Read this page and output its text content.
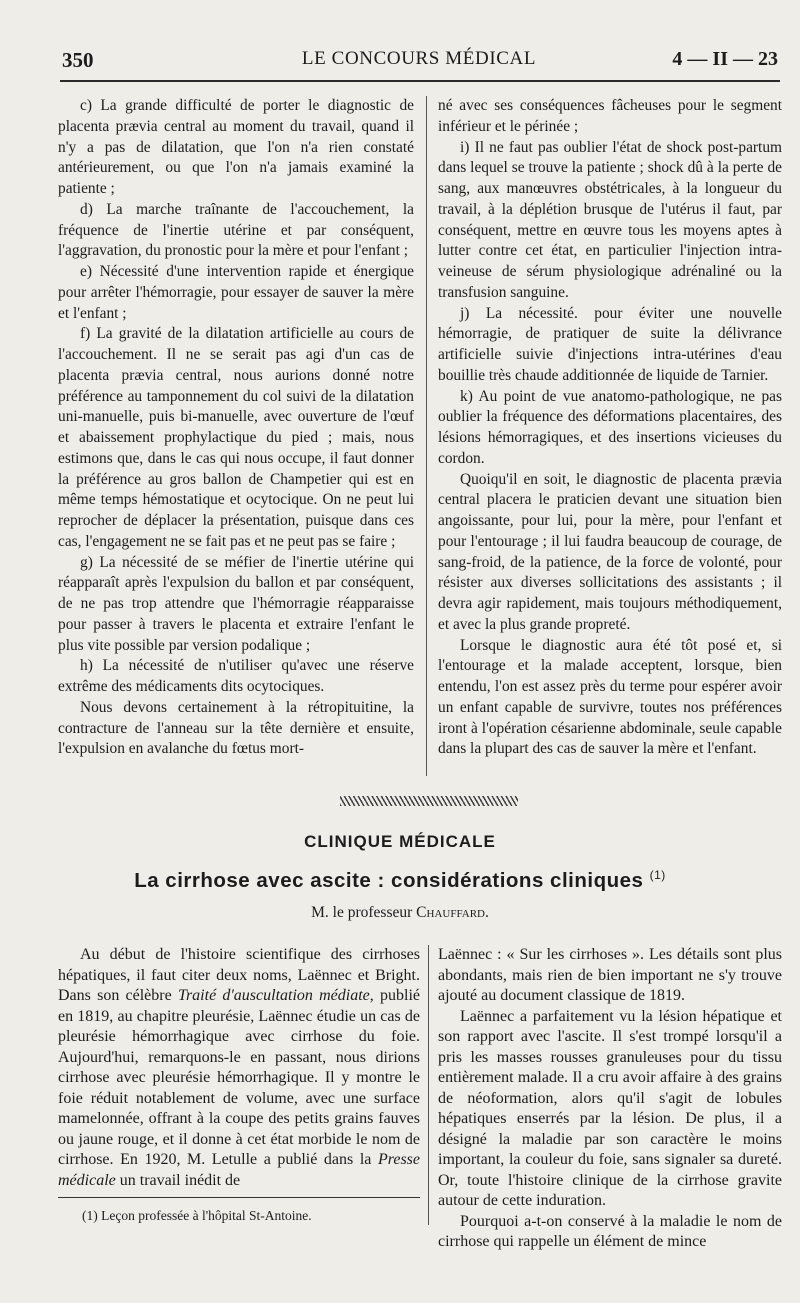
350	LE CONCOURS MÉDICAL	4 — II — 23

c) La grande difficulté de porter le diagnostic de placenta prævia central au moment du travail, quand il n'y a pas de dilatation, que l'on n'a rien constaté antérieurement, ou que l'on n'a jamais examiné la patiente ;

d) La marche traînante de l'accouchement, la fréquence de l'inertie utérine et par conséquent, l'aggravation, du pronostic pour la mère et pour l'enfant ;

e) Nécessité d'une intervention rapide et énergique pour arrêter l'hémorragie, pour essayer de sauver la mère et l'enfant ;

f) La gravité de la dilatation artificielle au cours de l'accouchement. Il ne se serait pas agi d'un cas de placenta prævia central, nous aurions donné notre préférence au tamponnement du col suivi de la dilatation uni-manuelle, puis bi-manuelle, avec ouverture de l'œuf et abaissement prophylactique du pied ; mais, nous estimons que, dans le cas qui nous occupe, il faut donner la préférence au gros ballon de Champetier qui est en même temps hémostatique et ocytocique. On ne peut lui reprocher de déplacer la présentation, puisque dans ces cas, l'engagement ne se fait pas et ne peut pas se faire ;

g) La nécessité de se méfier de l'inertie utérine qui réapparaît après l'expulsion du ballon et par conséquent, de ne pas trop attendre que l'hémorragie réapparaisse pour passer à travers le placenta et extraire l'enfant le plus vite possible par version podalique ;

h) La nécessité de n'utiliser qu'avec une réserve extrême des médicaments dits ocytociques.

Nous devons certainement à la rétropituitine, la contracture de l'anneau sur la tête dernière et ensuite, l'expulsion en avalanche du fœtus mort-

né avec ses conséquences fâcheuses pour le segment inférieur et le périnée ;

i) Il ne faut pas oublier l'état de shock post-partum dans lequel se trouve la patiente ; shock dû à la perte de sang, aux manœuvres obstétricales, à la longueur du travail, à la déplétion brusque de l'utérus il faut, par conséquent, mettre en œuvre tous les moyens aptes à lutter contre cet état, en particulier l'injection intra-veineuse de sérum physiologique adrénaliné ou la transfusion sanguine.

j) La nécessité. pour éviter une nouvelle hémorragie, de pratiquer de suite la délivrance artificielle suivie d'injections intra-utérines d'eau bouillie très chaude additionnée de liquide de Tarnier.

k) Au point de vue anatomo-pathologique, ne pas oublier la fréquence des déformations placentaires, des lésions hémorragiques, et des insertions vicieuses du cordon.

Quoiqu'il en soit, le diagnostic de placenta prævia central placera le praticien devant une situation bien angoissante, pour lui, pour la mère, pour l'enfant et pour l'entourage ; il lui faudra beaucoup de courage, de sang-froid, de la patience, de la force de volonté, pour résister aux diverses sollicitations des assistants ; il devra agir rapidement, mais toujours méthodiquement, et avec la plus grande propreté.

Lorsque le diagnostic aura été tôt posé et, si l'entourage et la malade acceptent, lorsque, bien entendu, l'on est assez près du terme pour espérer avoir un enfant capable de survivre, toutes nos préférences iront à l'opération césarienne abdominale, seule capable dans la plupart des cas de sauver la mère et l'enfant.

CLINIQUE MÉDICALE
La cirrhose avec ascite : considérations cliniques $^{(1)}$
M. le professeur Chauffard.

Au début de l'histoire scientifique des cirrhoses hépatiques, il faut citer deux noms, Laënnec et Bright. Dans son célèbre Traité d'auscultation médiate, publié en 1819, au chapitre pleurésie, Laënnec étudie un cas de pleurésie hémorrhagique avec cirrhose du foie. Aujourd'hui, remarquons-le en passant, nous dirions cirrhose avec pleurésie hémorrhagique. Il y montre le foie réduit notablement de volume, avec une surface mamelonnée, offrant à la coupe des petits grains fauves ou jaune rouge, et il donne à cet état morbide le nom de cirrhose. En 1920, M. Letulle a publié dans la Presse médicale un travail inédit de

Laënnec : « Sur les cirrhoses ». Les détails sont plus abondants, mais rien de bien important ne s'y trouve ajouté au document classique de 1819.

Laënnec a parfaitement vu la lésion hépatique et son rapport avec l'ascite. Il s'est trompé lorsqu'il a pris les masses rousses granuleuses pour du tissu entièrement malade. Il a cru avoir affaire à des grains de néoformation, alors qu'il s'agit de lobules hépatiques enserrés par la lésion. De plus, il a désigné la maladie par son caractère le moins important, la couleur du foie, sans signaler sa dureté. Or, toute l'histoire clinique de la cirrhose gravite autour de cette induration.

Pourquoi a-t-on conservé à la maladie le nom de cirrhose qui rappelle un élément de mince

(1) Leçon professée à l'hôpital St-Antoine.
